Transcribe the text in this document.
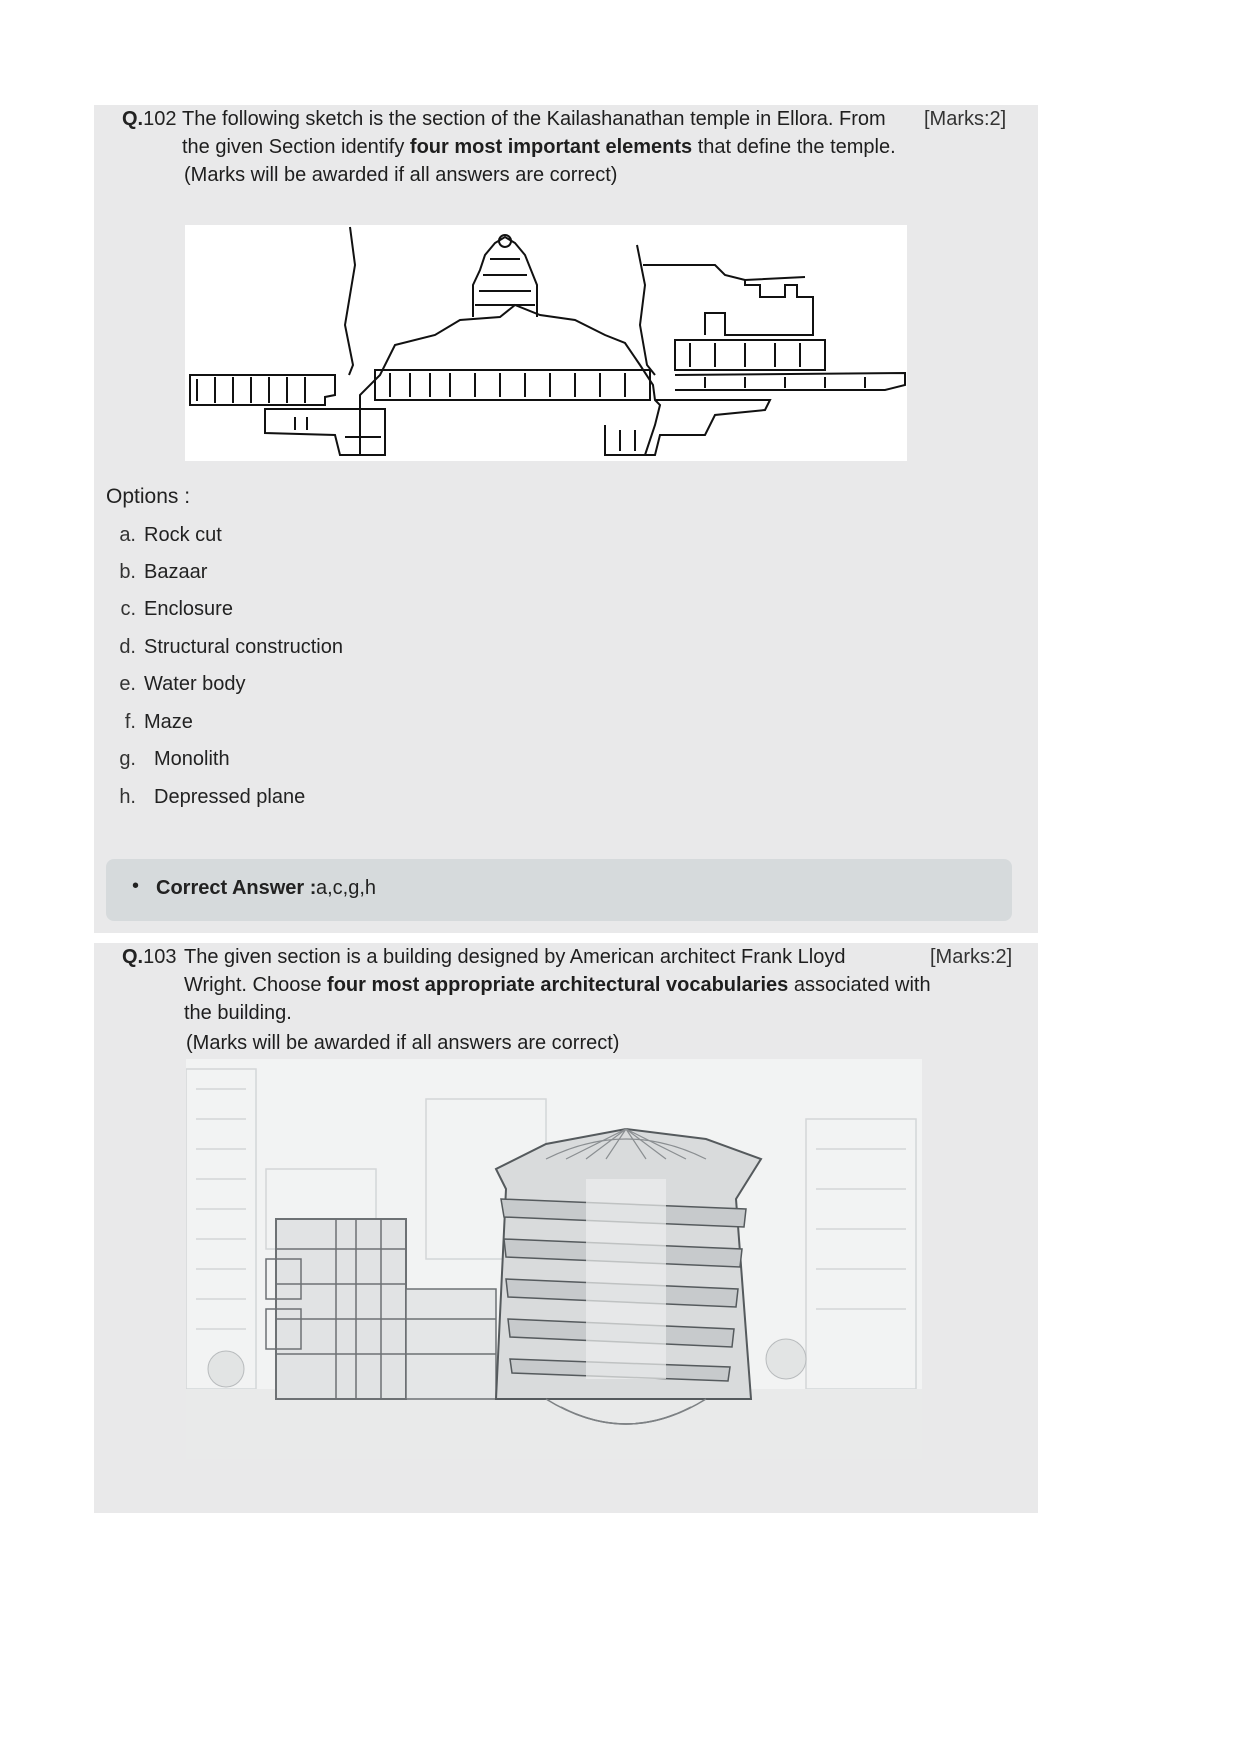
Q.102 The following sketch is the section of the Kailashanathan temple in Ellora. From	[Marks:2]
the given Section identify four most important elements that define the temple.
(Marks will be awarded if all answers are correct)
Options :
a. Rock cut
b. Bazaar
c. Enclosure
d. Structural construction
e. Water body
f. Maze
g. Monolith
h. Depressed plane
• Correct Answer : a,c,g,h
Q.103 The given section is a building designed by American architect Frank Lloyd	[Marks:2]
Wright. Choose four most appropriate architectural vocabularies associated with
the building.
(Marks will be awarded if all answers are correct)
